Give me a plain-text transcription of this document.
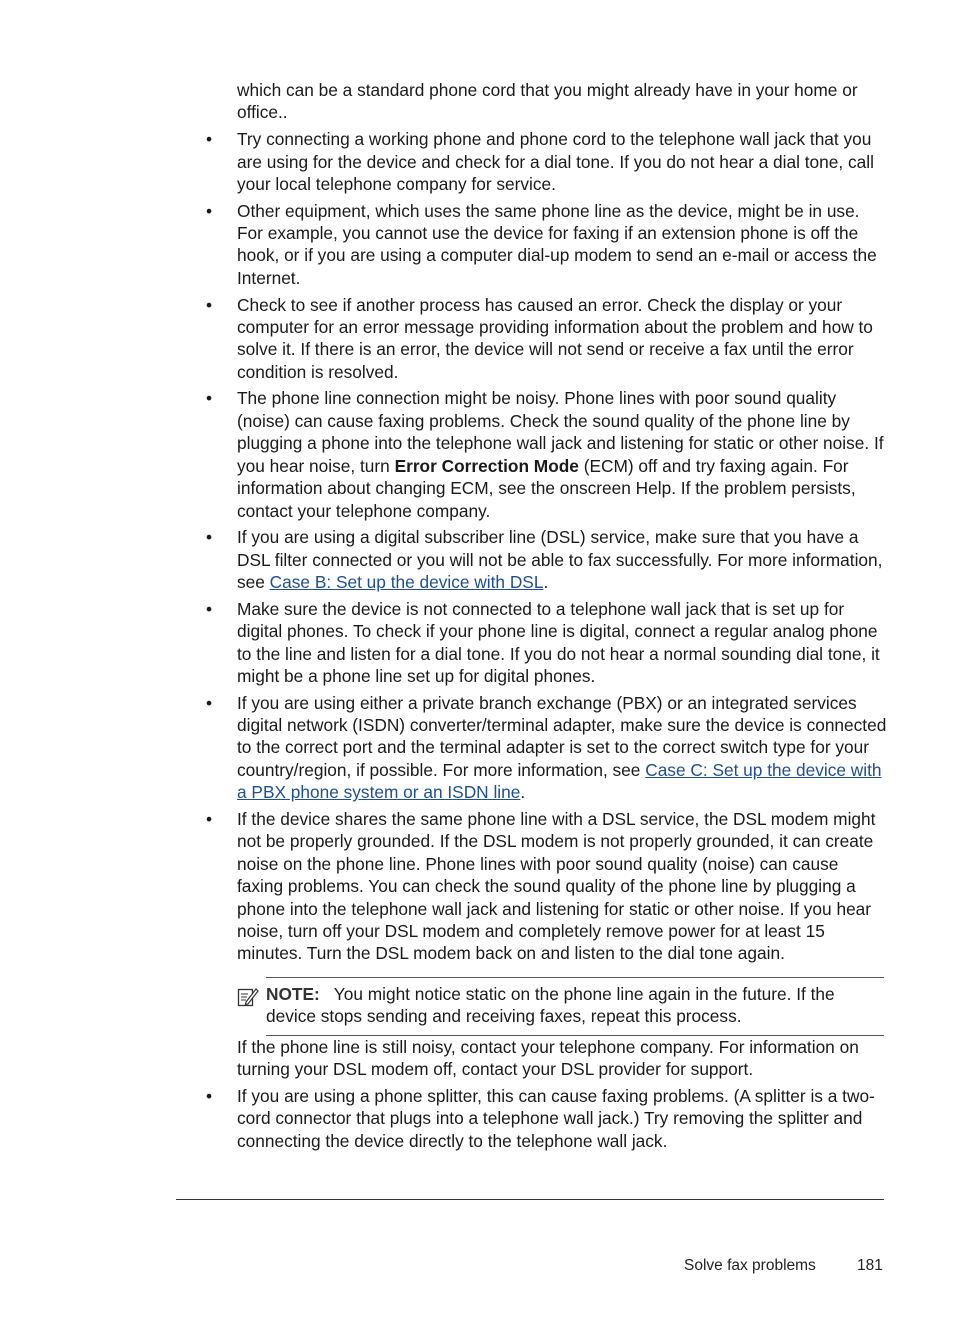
which can be a standard phone cord that you might already have in your home or office..

• Try connecting a working phone and phone cord to the telephone wall jack that you are using for the device and check for a dial tone. If you do not hear a dial tone, call your local telephone company for service.
• Other equipment, which uses the same phone line as the device, might be in use. For example, you cannot use the device for faxing if an extension phone is off the hook, or if you are using a computer dial-up modem to send an e-mail or access the Internet.
• Check to see if another process has caused an error. Check the display or your computer for an error message providing information about the problem and how to solve it. If there is an error, the device will not send or receive a fax until the error condition is resolved.
• The phone line connection might be noisy. Phone lines with poor sound quality (noise) can cause faxing problems. Check the sound quality of the phone line by plugging a phone into the telephone wall jack and listening for static or other noise. If you hear noise, turn Error Correction Mode (ECM) off and try faxing again. For information about changing ECM, see the onscreen Help. If the problem persists, contact your telephone company.
• If you are using a digital subscriber line (DSL) service, make sure that you have a DSL filter connected or you will not be able to fax successfully. For more information, see Case B: Set up the device with DSL.
• Make sure the device is not connected to a telephone wall jack that is set up for digital phones. To check if your phone line is digital, connect a regular analog phone to the line and listen for a dial tone. If you do not hear a normal sounding dial tone, it might be a phone line set up for digital phones.
• If you are using either a private branch exchange (PBX) or an integrated services digital network (ISDN) converter/terminal adapter, make sure the device is connected to the correct port and the terminal adapter is set to the correct switch type for your country/region, if possible. For more information, see Case C: Set up the device with a PBX phone system or an ISDN line.
• If the device shares the same phone line with a DSL service, the DSL modem might not be properly grounded. If the DSL modem is not properly grounded, it can create noise on the phone line. Phone lines with poor sound quality (noise) can cause faxing problems. You can check the sound quality of the phone line by plugging a phone into the telephone wall jack and listening for static or other noise. If you hear noise, turn off your DSL modem and completely remove power for at least 15 minutes. Turn the DSL modem back on and listen to the dial tone again.
NOTE: You might notice static on the phone line again in the future. If the device stops sending and receiving faxes, repeat this process.

If the phone line is still noisy, contact your telephone company. For information on turning your DSL modem off, contact your DSL provider for support.

• If you are using a phone splitter, this can cause faxing problems. (A splitter is a two-cord connector that plugs into a telephone wall jack.) Try removing the splitter and connecting the device directly to the telephone wall jack.
Solve fax problems	181
